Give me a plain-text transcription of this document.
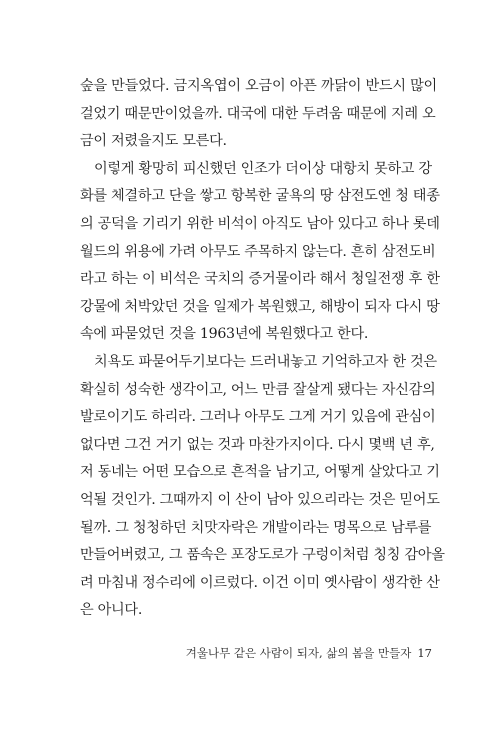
숲을 만들었다. 금지옥엽이 오금이 아픈 까닭이 반드시 많이
걸었기 때문만이었을까. 대국에 대한 두려움 때문에 지레 오
금이 저렸을지도 모른다.
이렇게 황망히 피신했던 인조가 더이상 대항치 못하고 강
화를 체결하고 단을 쌓고 항복한 굴욕의 땅 삼전도엔 청 태종
의 공덕을 기리기 위한 비석이 아직도 남아 있다고 하나 롯데
월드의 위용에 가려 아무도 주목하지 않는다. 흔히 삼전도비
라고 하는 이 비석은 국치의 증거물이라 해서 청일전쟁 후 한
강물에 처박았던 것을 일제가 복원했고, 해방이 되자 다시 땅
속에 파묻었던 것을 1963년에 복원했다고 한다.
치욕도 파묻어두기보다는 드러내놓고 기억하고자 한 것은
확실히 성숙한 생각이고, 어느 만큼 잘살게 됐다는 자신감의
발로이기도 하리라. 그러나 아무도 그게 거기 있음에 관심이
없다면 그건 거기 없는 것과 마찬가지이다. 다시 몇백 년 후,
저 동네는 어떤 모습으로 흔적을 남기고, 어떻게 살았다고 기
억될 것인가. 그때까지 이 산이 남아 있으리라는 것은 믿어도
될까. 그 청청하던 치맛자락은 개발이라는 명목으로 남루를
만들어버렸고, 그 품속은 포장도로가 구렁이처럼 칭칭 감아올
려 마침내 정수리에 이르렀다. 이건 이미 옛사람이 생각한 산
은 아니다.
겨울나무 같은 사람이 되자, 삶의 봄을 만들자 17
